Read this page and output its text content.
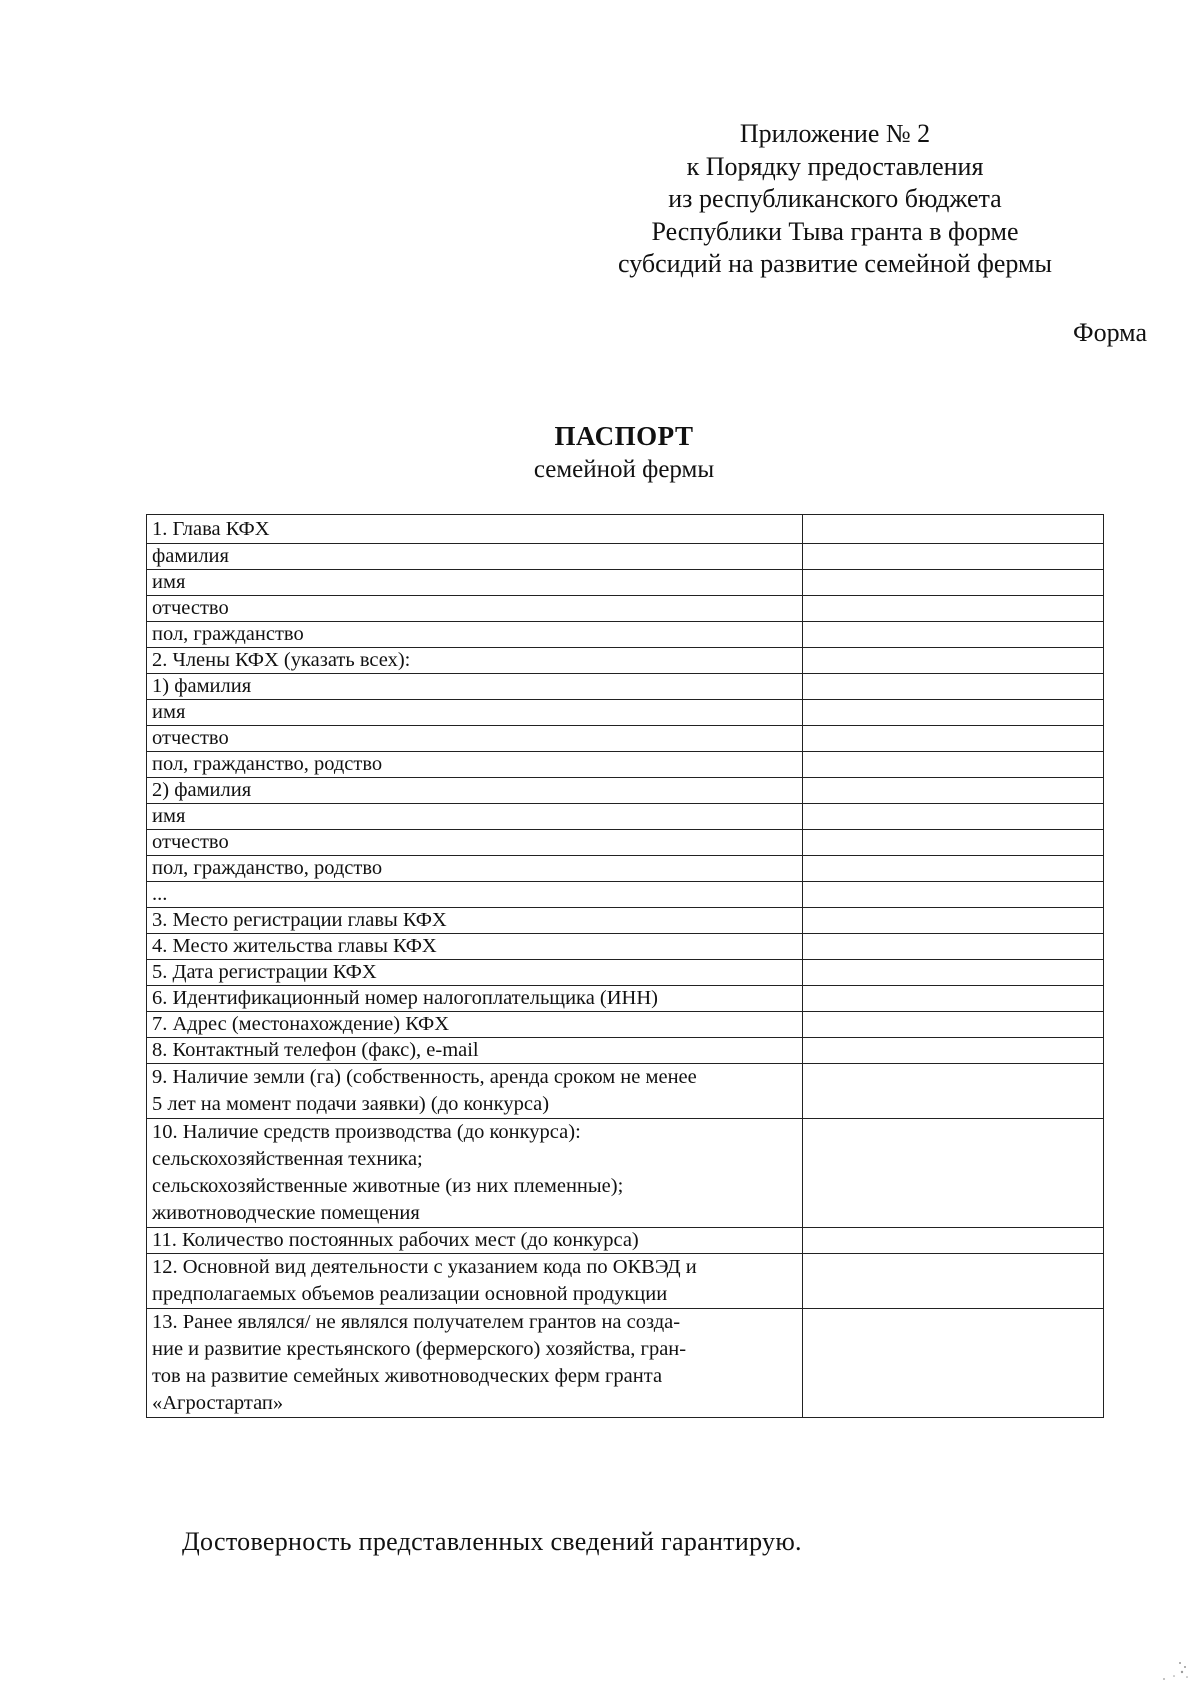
Приложение № 2
к Порядку предоставления
из республиканского бюджета
Республики Тыва гранта в форме
субсидий на развитие семейной фермы
Форма
ПАСПОРТ
семейной фермы
1. Глава КФХ	
фамилия	
имя	
отчество	
пол, гражданство	
2. Члены КФХ (указать всех):	
1) фамилия	
имя	
отчество	
пол, гражданство, родство	
2) фамилия	
имя	
отчество	
пол, гражданство, родство	
...	
3. Место регистрации главы КФХ	
4. Место жительства главы КФХ	
5. Дата регистрации КФХ	
6. Идентификационный номер налогоплательщика (ИНН)	
7. Адрес (местонахождение) КФХ	
8. Контактный телефон (факс), e-mail	

9. Наличие земли (га) (собственность, аренда сроком не менее
5 лет на момент подачи заявки) (до конкурса)	

10. Наличие средств производства (до конкурса):
сельскохозяйственная техника;
сельскохозяйственные животные (из них племенные);
животноводческие помещения	

11. Количество постоянных рабочих мест (до конкурса)	

12. Основной вид деятельности с указанием кода по ОКВЭД и
предполагаемых объемов реализации основной продукции	

13. Ранее являлся/ не являлся получателем грантов на созда-
ние и развитие крестьянского (фермерского) хозяйства, гран-
тов на развитие семейных животноводческих ферм гранта
«Агростартап»	

Достоверность представленных сведений гарантирую.
